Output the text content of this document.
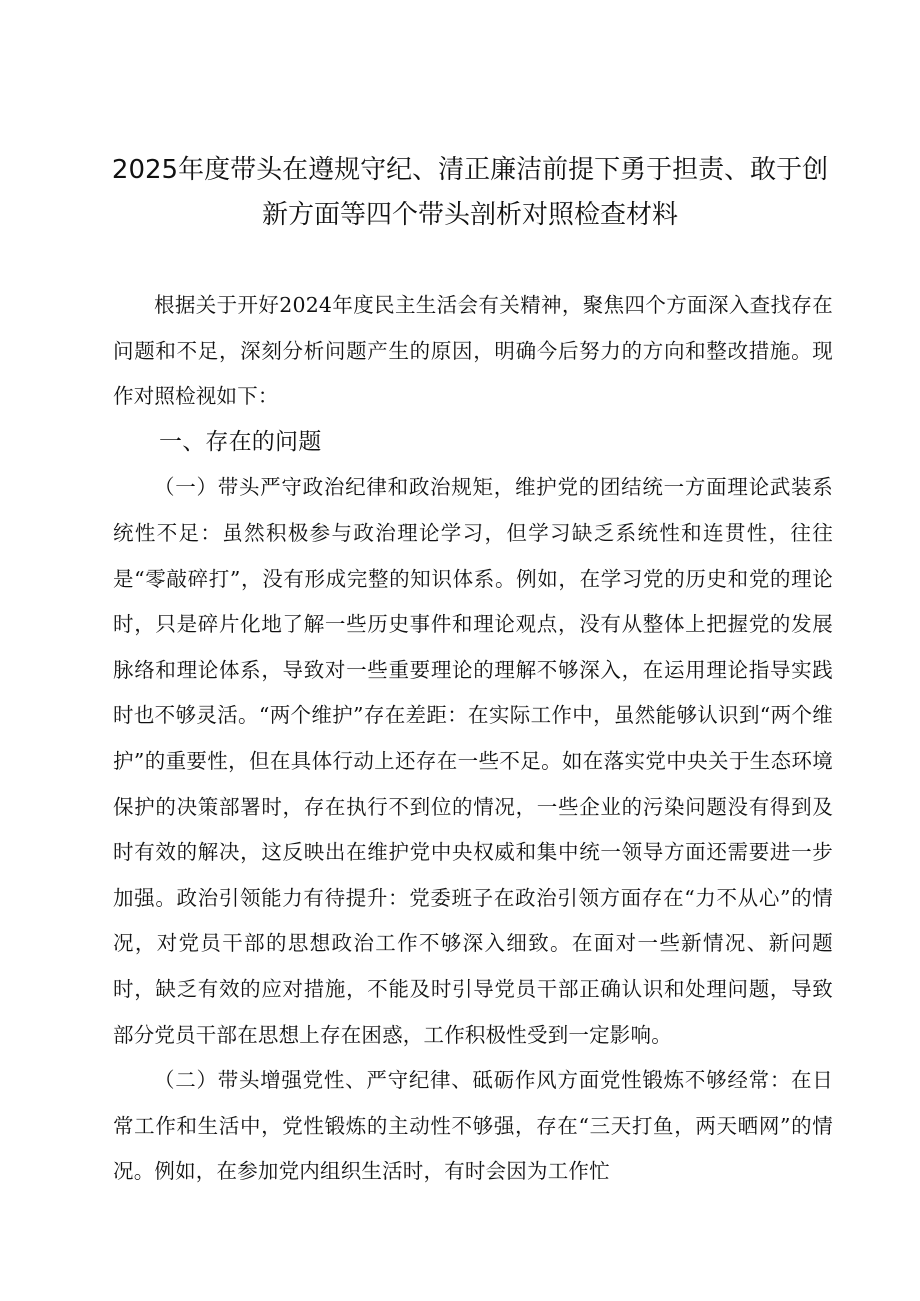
2025年度带头在遵规守纪、清正廉洁前提下勇于担责、敢于创
新方面等四个带头剖析对照检查材料

根据关于开好2024年度民主生活会有关精神，聚焦四个方面深入查找存在问题和不足，深刻分析问题产生的原因，明确今后努力的方向和整改措施。现作对照检视如下：

一、存在的问题

（一）带头严守政治纪律和政治规矩，维护党的团结统一方面理论武装系统性不足：虽然积极参与政治理论学习，但学习缺乏系统性和连贯性，往往是“零敲碎打”，没有形成完整的知识体系。例如，在学习党的历史和党的理论时，只是碎片化地了解一些历史事件和理论观点，没有从整体上把握党的发展脉络和理论体系，导致对一些重要理论的理解不够深入，在运用理论指导实践时也不够灵活。“两个维护”存在差距：在实际工作中，虽然能够认识到“两个维护”的重要性，但在具体行动上还存在一些不足。如在落实党中央关于生态环境保护的决策部署时，存在执行不到位的情况，一些企业的污染问题没有得到及时有效的解决，这反映出在维护党中央权威和集中统一领导方面还需要进一步加强。政治引领能力有待提升：党委班子在政治引领方面存在“力不从心”的情况，对党员干部的思想政治工作不够深入细致。在面对一些新情况、新问题时，缺乏有效的应对措施，不能及时引导党员干部正确认识和处理问题，导致部分党员干部在思想上存在困惑，工作积极性受到一定影响。

（二）带头增强党性、严守纪律、砥砺作风方面党性锻炼不够经常：在日常工作和生活中，党性锻炼的主动性不够强，存在“三天打鱼，两天晒网”的情况。例如，在参加党内组织生活时，有时会因为工作忙
